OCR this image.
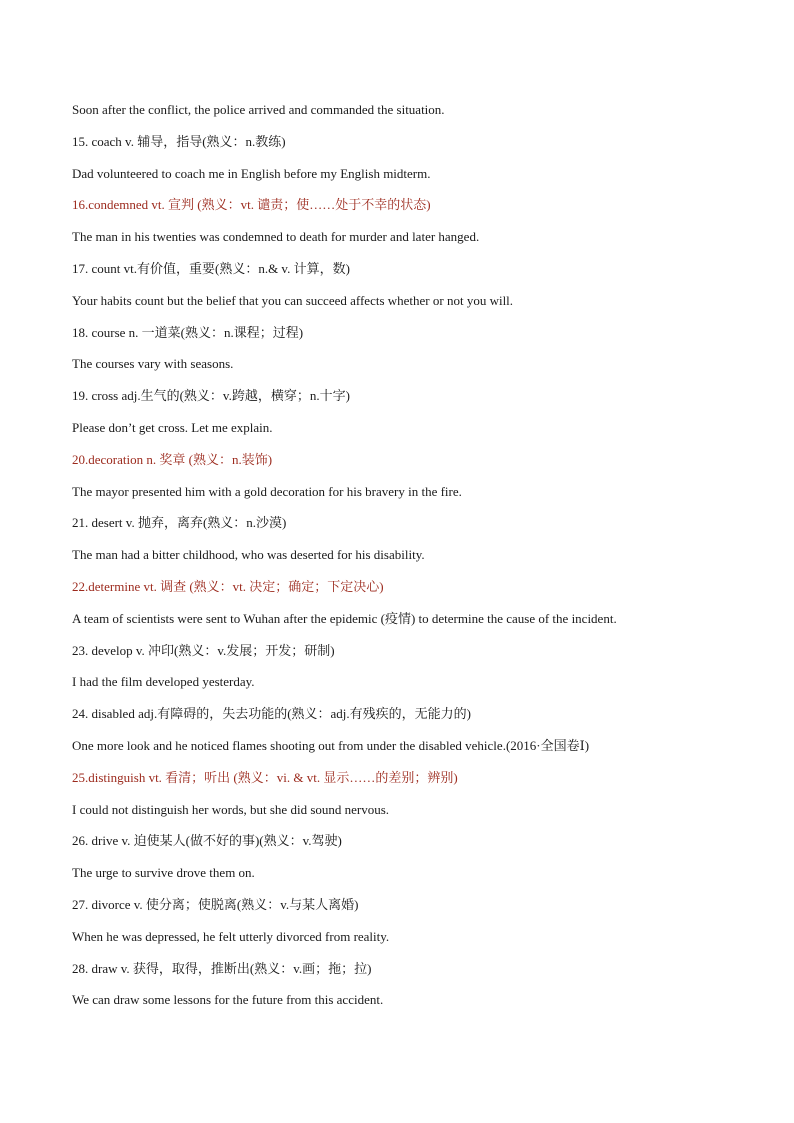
Soon after the conflict, the police arrived and commanded the situation.
15. coach v. 辅导，指导(熟义：n.教练)
Dad volunteered to coach me in English before my English midterm.
16.condemned vt. 宣判 (熟义：vt. 谴责；使……处于不幸的状态)
The man in his twenties was condemned to death for murder and later hanged.
17. count vt.有价值，重要(熟义：n.& v. 计算，数)
Your habits count but the belief that you can succeed affects whether or not you will.
18. course n. 一道菜(熟义：n.课程；过程)
The courses vary with seasons.
19. cross adj.生气的(熟义：v.跨越，横穿；n.十字)
Please don’t get cross. Let me explain.
20.decoration n. 奖章 (熟义：n.装饰)
The mayor presented him with a gold decoration for his bravery in the fire.
21. desert v. 抛弃，离弃(熟义：n.沙漠)
The man had a bitter childhood, who was deserted for his disability.
22.determine vt. 调查 (熟义：vt. 决定；确定；下定决心)
A team of scientists were sent to Wuhan after the epidemic (疫情) to determine the cause of the incident.
23. develop v. 冲印(熟义：v.发展；开发；研制)
I had the film developed yesterday.
24. disabled adj.有障碍的，失去功能的(熟义：adj.有残疾的，无能力的)
One more look and he noticed flames shooting out from under the disabled vehicle.(2016·全国卷Ⅰ)
25.distinguish vt. 看清；听出 (熟义：vi. & vt. 显示……的差别；辨别)
I could not distinguish her words, but she did sound nervous.
26. drive v. 迫使某人(做不好的事)(熟义：v.驾驶)
The urge to survive drove them on.
27. divorce v. 使分离；使脱离(熟义：v.与某人离婚)
When he was depressed, he felt utterly divorced from reality.
28. draw v. 获得，取得，推断出(熟义：v.画；拖；拉)
We can draw some lessons for the future from this accident.
